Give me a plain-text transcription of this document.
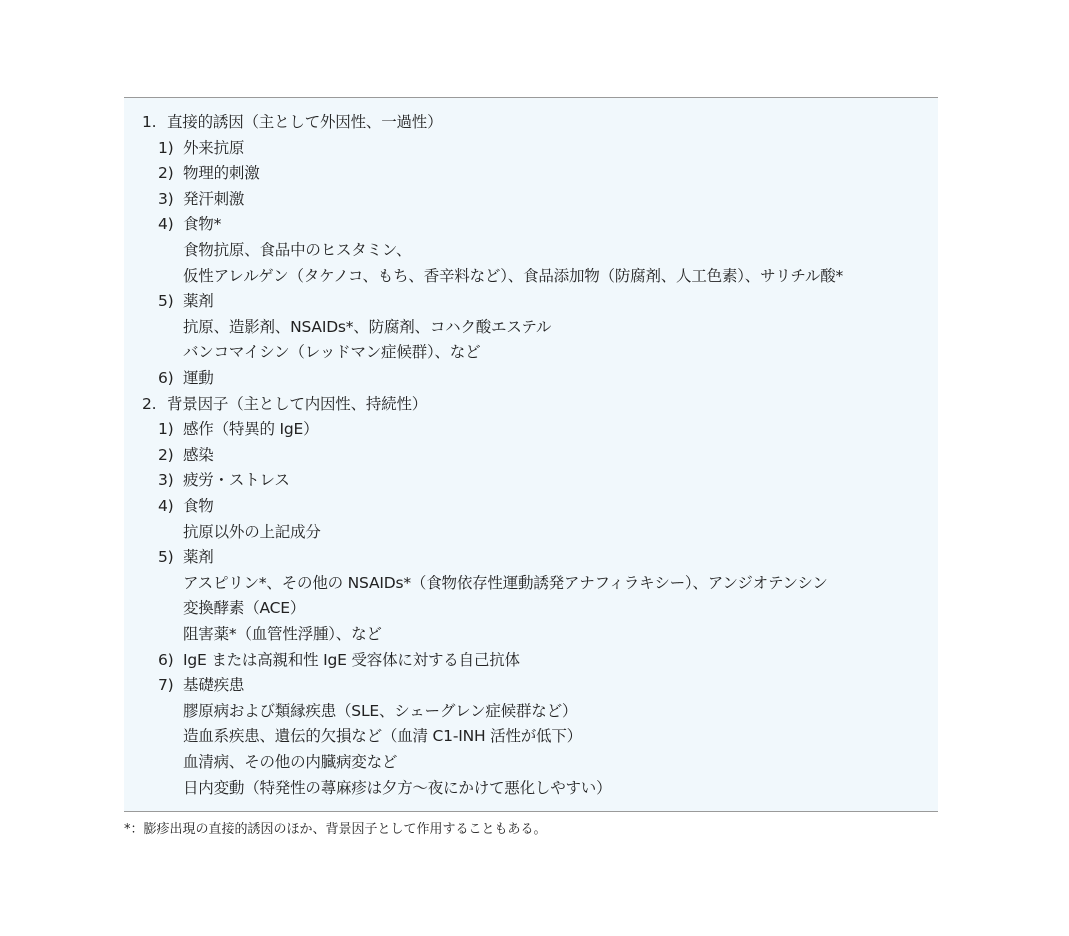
1. 直接的誘因（主として外因性、一過性）
1) 外来抗原
2) 物理的刺激
3) 発汗刺激
4) 食物*
食物抗原、食品中のヒスタミン、
仮性アレルゲン（タケノコ、もち、香辛料など）、食品添加物（防腐剤、人工色素）、サリチル酸*
5) 薬剤
抗原、造影剤、NSAIDs*、防腐剤、コハク酸エステル
バンコマイシン（レッドマン症候群）、など
6) 運動
2. 背景因子（主として内因性、持続性）
1) 感作（特異的 IgE）
2) 感染
3) 疲労・ストレス
4) 食物
抗原以外の上記成分
5) 薬剤
アスピリン*、その他の NSAIDs*（食物依存性運動誘発アナフィラキシー）、アンジオテンシン
変換酵素（ACE）
阻害薬*（血管性浮腫）、など
6) IgE または高親和性 IgE 受容体に対する自己抗体
7) 基礎疾患
膠原病および類縁疾患（SLE、シェーグレン症候群など）
造血系疾患、遺伝的欠損など（血清 C1-INH 活性が低下）
血清病、その他の内臓病変など
日内変動（特発性の蕁麻疹は夕方〜夜にかけて悪化しやすい）
*：膨疹出現の直接的誘因のほか、背景因子として作用することもある。
